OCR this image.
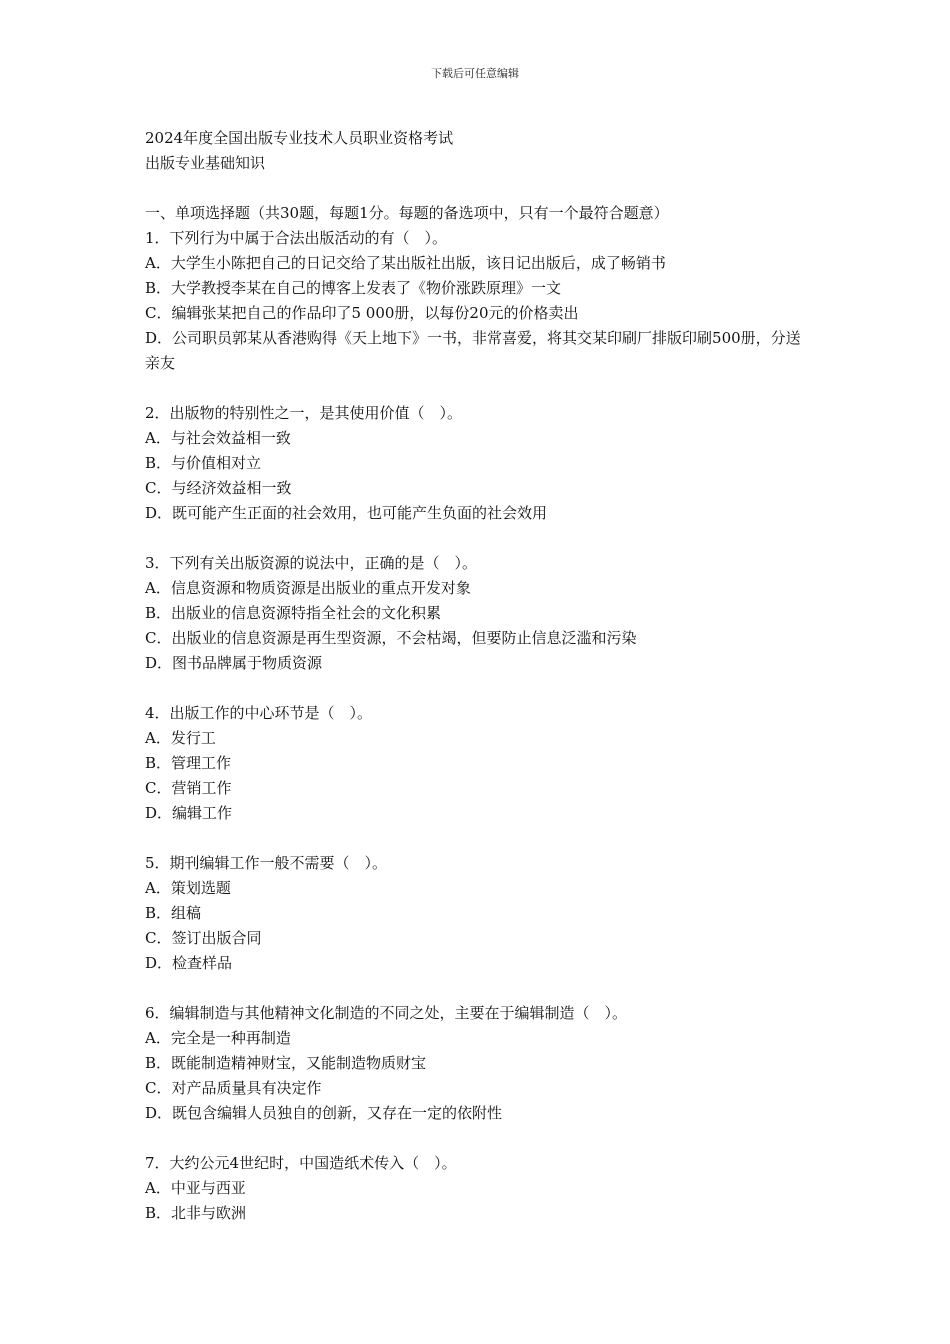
下载后可任意编辑

2024年度全国出版专业技术人员职业资格考试

出版专业基础知识

一、单项选择题（共30题，每题1分。每题的备选项中，只有一个最符合题意）

1．下列行为中属于合法出版活动的有（　）。

A．大学生小陈把自己的日记交给了某出版社出版，该日记出版后，成了畅销书

B．大学教授李某在自己的博客上发表了《物价涨跌原理》一文

C．编辑张某把自己的作品印了5 000册，以每份20元的价格卖出

D．公司职员郭某从香港购得《天上地下》一书，非常喜爱，将其交某印刷厂排版印刷500册，分送亲友

2．出版物的特别性之一，是其使用价值（　）。

A．与社会效益相一致

B．与价值相对立

C．与经济效益相一致

D．既可能产生正面的社会效用，也可能产生负面的社会效用

3．下列有关出版资源的说法中，正确的是（　）。

A．信息资源和物质资源是出版业的重点开发对象

B．出版业的信息资源特指全社会的文化积累

C．出版业的信息资源是再生型资源，不会枯竭，但要防止信息泛滥和污染

D．图书品牌属于物质资源

4．出版工作的中心环节是（　）。

A．发行工

B．管理工作

C．营销工作

D．编辑工作

5．期刊编辑工作一般不需要（　）。

A．策划选题

B．组稿

C．签订出版合同

D．检查样品

6．编辑制造与其他精神文化制造的不同之处，主要在于编辑制造（　）。

A．完全是一种再制造

B．既能制造精神财宝，又能制造物质财宝

C．对产品质量具有决定作

D．既包含编辑人员独自的创新，又存在一定的依附性

7．大约公元4世纪时，中国造纸术传入（　）。

A．中亚与西亚

B．北非与欧洲
